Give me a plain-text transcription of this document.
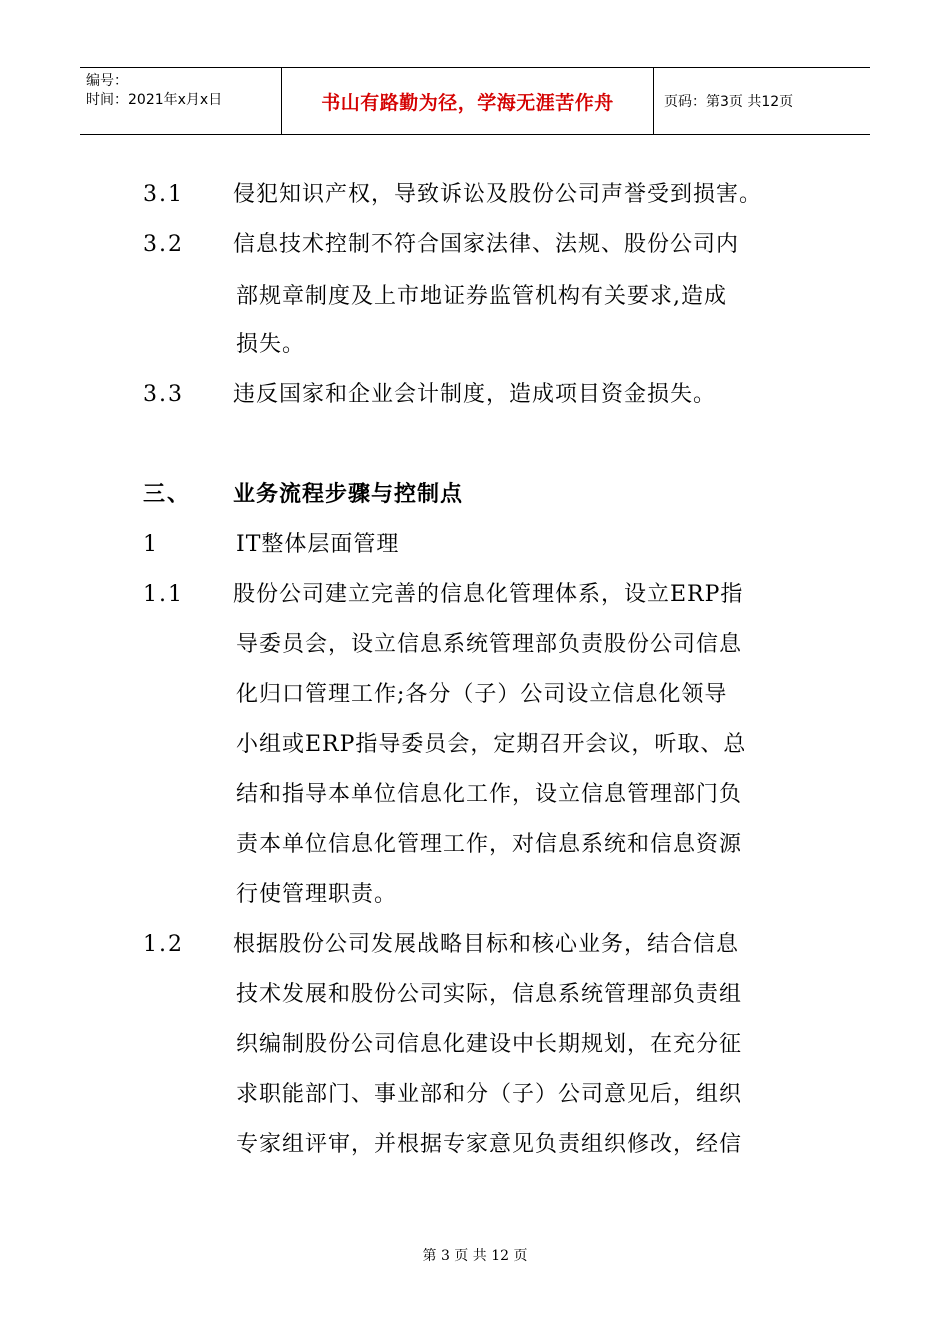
编号：
时间：2021年x月x日	书山有路勤为径，学海无涯苦作舟	页码：第3页 共12页
3.1 侵犯知识产权，导致诉讼及股份公司声誉受到损害。
3.2 信息技术控制不符合国家法律、法规、股份公司内
部规章制度及上市地证券监管机构有关要求,造成
损失。
3.3 违反国家和企业会计制度，造成项目资金损失。
三、 业务流程步骤与控制点
1	IT整体层面管理
1.1 股份公司建立完善的信息化管理体系，设立ERP指
导委员会，设立信息系统管理部负责股份公司信息
化归口管理工作;各分（子）公司设立信息化领导
小组或ERP指导委员会，定期召开会议，听取、总
结和指导本单位信息化工作，设立信息管理部门负
责本单位信息化管理工作，对信息系统和信息资源
行使管理职责。
1.2 根据股份公司发展战略目标和核心业务，结合信息
技术发展和股份公司实际，信息系统管理部负责组
织编制股份公司信息化建设中长期规划，在充分征
求职能部门、事业部和分（子）公司意见后，组织
专家组评审，并根据专家意见负责组织修改，经信
第 3 页 共 12 页
